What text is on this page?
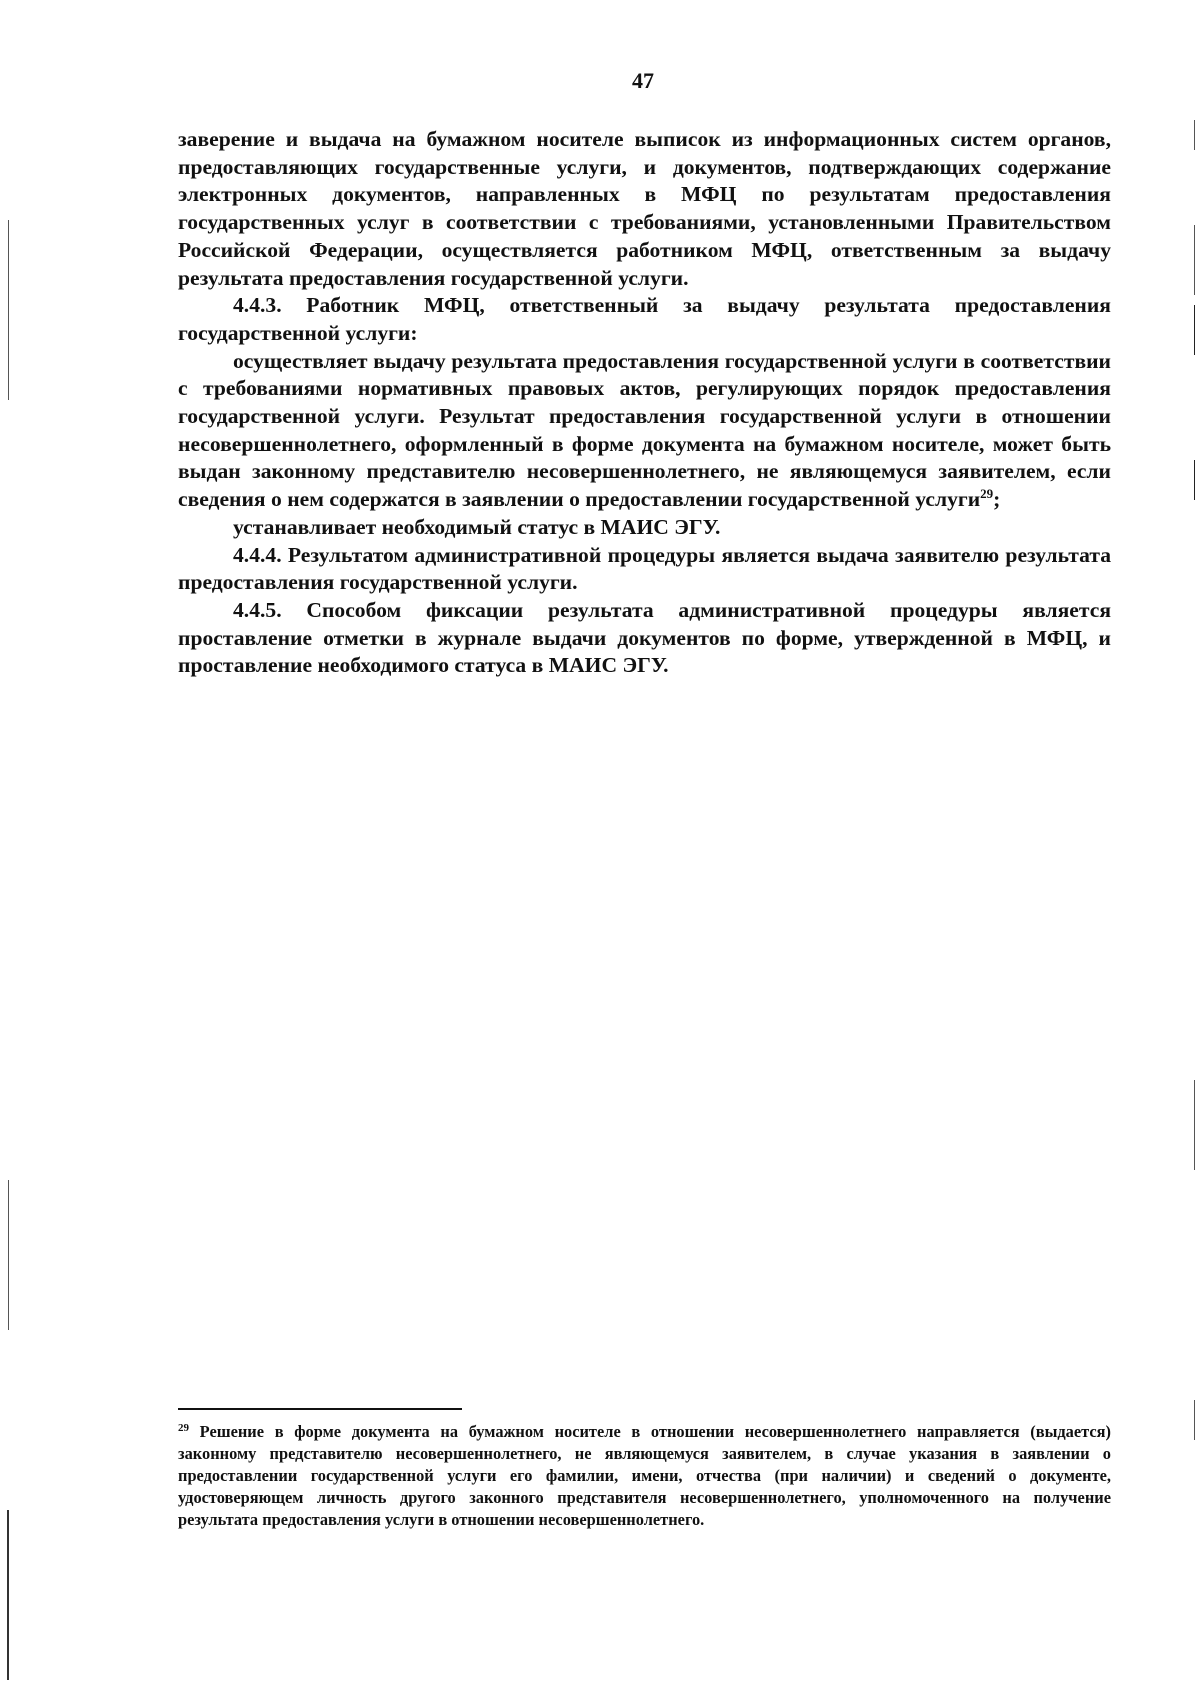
47

заверение и выдача на бумажном носителе выписок из информационных систем органов, предоставляющих государственные услуги, и документов, подтверждающих содержание электронных документов, направленных в МФЦ по результатам предоставления государственных услуг в соответствии с требованиями, установленными Правительством Российской Федерации, осуществляется работником МФЦ, ответственным за выдачу результата предоставления государственной услуги.

4.4.3. Работник МФЦ, ответственный за выдачу результата предоставления государственной услуги:

осуществляет выдачу результата предоставления государственной услуги в соответствии с требованиями нормативных правовых актов, регулирующих порядок предоставления государственной услуги. Результат предоставления государственной услуги в отношении несовершеннолетнего, оформленный в форме документа на бумажном носителе, может быть выдан законному представителю несовершеннолетнего, не являющемуся заявителем, если сведения о нем содержатся в заявлении о предоставлении государственной услуги$^{29}$;

устанавливает необходимый статус в МАИС ЭГУ.

4.4.4. Результатом административной процедуры является выдача заявителю результата предоставления государственной услуги.

4.4.5. Способом фиксации результата административной процедуры является проставление отметки в журнале выдачи документов по форме, утвержденной в МФЦ, и проставление необходимого статуса в МАИС ЭГУ.

$^{29}$ Решение в форме документа на бумажном носителе в отношении несовершеннолетнего направляется (выдается) законному представителю несовершеннолетнего, не являющемуся заявителем, в случае указания в заявлении о предоставлении государственной услуги его фамилии, имени, отчества (при наличии) и сведений о документе, удостоверяющем личность другого законного представителя несовершеннолетнего, уполномоченного на получение результата предоставления услуги в отношении несовершеннолетнего.
